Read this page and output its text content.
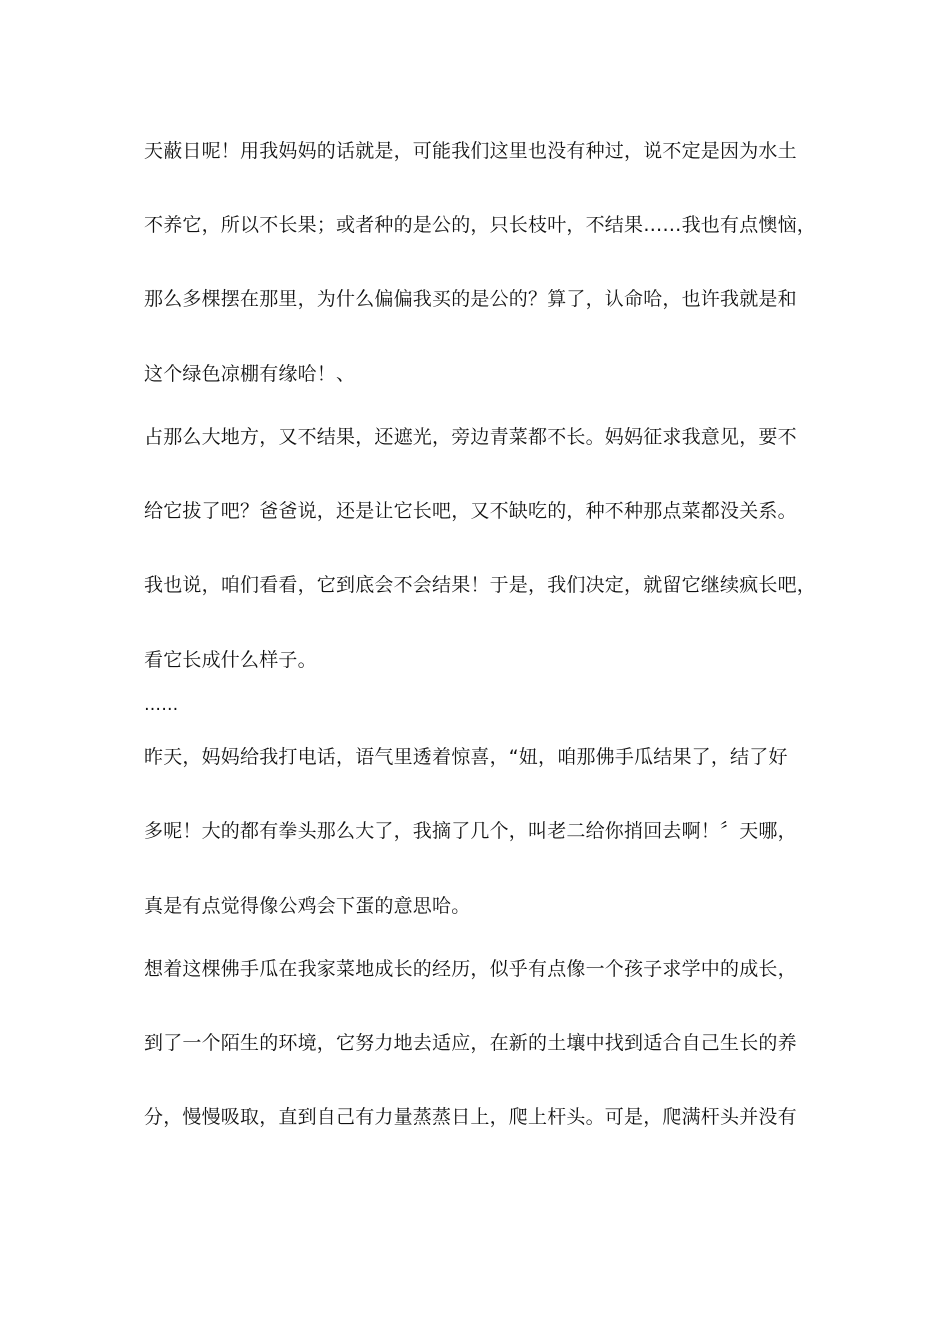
天蔽日呢！用我妈妈的话就是，可能我们这里也没有种过，说不定是因为水土
不养它，所以不长果；或者种的是公的，只长枝叶，不结果……我也有点懊恼，
那么多棵摆在那里，为什么偏偏我买的是公的？算了，认命哈，也许我就是和
这个绿色凉棚有缘哈！、
占那么大地方，又不结果，还遮光，旁边青菜都不长。妈妈征求我意见，要不
给它拔了吧？爸爸说，还是让它长吧，又不缺吃的，种不种那点菜都没关系。
我也说，咱们看看，它到底会不会结果！于是，我们决定，就留它继续疯长吧，
看它长成什么样子。
……
昨天，妈妈给我打电话，语气里透着惊喜，“妞，咱那佛手瓜结果了，结了好
多呢！大的都有拳头那么大了，我摘了几个，叫老二给你捎回去啊！〞天哪，
真是有点觉得像公鸡会下蛋的意思哈。
想着这棵佛手瓜在我家菜地成长的经历，似乎有点像一个孩子求学中的成长，
到了一个陌生的环境，它努力地去适应，在新的土壤中找到适合自己生长的养
分，慢慢吸取，直到自己有力量蒸蒸日上，爬上杆头。可是，爬满杆头并没有
